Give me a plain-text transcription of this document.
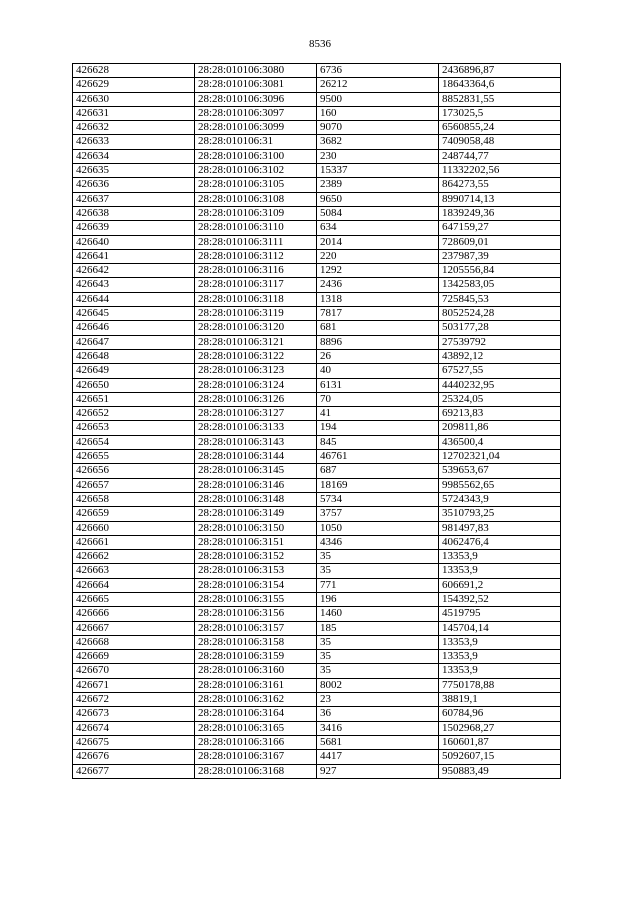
8536
426628	28:28:010106:3080	6736	2436896,87
426629	28:28:010106:3081	26212	18643364,6
426630	28:28:010106:3096	9500	8852831,55
426631	28:28:010106:3097	160	173025,5
426632	28:28:010106:3099	9070	6560855,24
426633	28:28:010106:31	3682	7409058,48
426634	28:28:010106:3100	230	248744,77
426635	28:28:010106:3102	15337	11332202,56
426636	28:28:010106:3105	2389	864273,55
426637	28:28:010106:3108	9650	8990714,13
426638	28:28:010106:3109	5084	1839249,36
426639	28:28:010106:3110	634	647159,27
426640	28:28:010106:3111	2014	728609,01
426641	28:28:010106:3112	220	237987,39
426642	28:28:010106:3116	1292	1205556,84
426643	28:28:010106:3117	2436	1342583,05
426644	28:28:010106:3118	1318	725845,53
426645	28:28:010106:3119	7817	8052524,28
426646	28:28:010106:3120	681	503177,28
426647	28:28:010106:3121	8896	27539792
426648	28:28:010106:3122	26	43892,12
426649	28:28:010106:3123	40	67527,55
426650	28:28:010106:3124	6131	4440232,95
426651	28:28:010106:3126	70	25324,05
426652	28:28:010106:3127	41	69213,83
426653	28:28:010106:3133	194	209811,86
426654	28:28:010106:3143	845	436500,4
426655	28:28:010106:3144	46761	12702321,04
426656	28:28:010106:3145	687	539653,67
426657	28:28:010106:3146	18169	9985562,65
426658	28:28:010106:3148	5734	5724343,9
426659	28:28:010106:3149	3757	3510793,25
426660	28:28:010106:3150	1050	981497,83
426661	28:28:010106:3151	4346	4062476,4
426662	28:28:010106:3152	35	13353,9
426663	28:28:010106:3153	35	13353,9
426664	28:28:010106:3154	771	606691,2
426665	28:28:010106:3155	196	154392,52
426666	28:28:010106:3156	1460	4519795
426667	28:28:010106:3157	185	145704,14
426668	28:28:010106:3158	35	13353,9
426669	28:28:010106:3159	35	13353,9
426670	28:28:010106:3160	35	13353,9
426671	28:28:010106:3161	8002	7750178,88
426672	28:28:010106:3162	23	38819,1
426673	28:28:010106:3164	36	60784,96
426674	28:28:010106:3165	3416	1502968,27
426675	28:28:010106:3166	5681	160601,87
426676	28:28:010106:3167	4417	5092607,15
426677	28:28:010106:3168	927	950883,49
